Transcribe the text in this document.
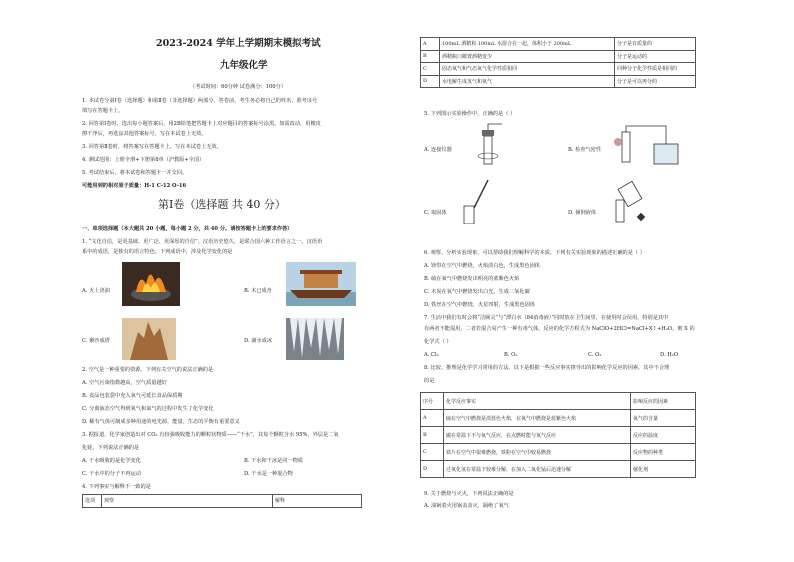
2023-2024 学年上学期期末模拟考试
九年级化学
（考试时间：60分钟 试卷满分：100分）
1. 本试卷分第Ⅰ卷（选择题）和第Ⅱ卷（非选择题）两部分。答卷前，考生务必将自己的姓名、准考证号
填写在答题卡上。
2. 回答第Ⅰ卷时，选出每小题答案后，用2B铅笔把答题卡上对应题目的答案标号涂黑。如需改动，用橡皮
擦干净后，再选涂其他答案标号。写在本试卷上无效。
3. 回答第Ⅱ卷时，将答案写在答题卡上。写在本试卷上无效。
4. 测试范围：上册全册+下册第8单（沪教版+全国）
5. 考试结束后，将本试卷和答题卡一并交回。
可能用到的相对原子质量：H-1 C-12 O-16
第Ⅰ卷（选择题 共 40 分）
一、单项选择题（本大题共 20 小题，每小题 2 分，共 40 分。请按答题卡上的要求作答）
1. “文化自信，是更基础、更广泛、更深厚的自信”。汉语历史悠久，是联合国六种工作语言之一。汉语语
系中的成语，是独有的语言特色。下列成语中，涉及化学变化的是
A. 火上浇油	B. 木已成舟
C. 聚沙成塔	D. 滴水成冰
2. 空气是一种重要的资源。下列有关空气的说法正确的是
A. 空气污染指数越高，空气质量越好
B. 食品包装袋中充入氧气可延长食品保质期
C. 分离液态空气得到氧气和氮气的过程中发生了化学变化
D. 稀有气体可制成多种用途的电光源，能量、生态的平衡有重要意义
3. 据报道，化学家创造出对 CO₂ 有较强吸收能力的颗粒状物质——“干水”，其每个颗粒含水 95%，外层是二氧
化硅。下列说法正确的是
A. 干水吸收的是化学变化	B. 干水和干冰是同一物质
C. 干水中的分子不再运动	D. 干水是一种混合物
4. 下列事实与解释不一致的是
选项	观察	解释
A	100mL 酒精和 100mL 水混合在一起，体积小于 200mL	分子是有质量的
B	酒精瓶口敞置酒精变少	分子是运动的
C	固态氧气和气态氧气化学性质相同	同种分子化学性质是相同的
D	水电解生成氢气和氧气	分子是可以再分的
5. 下列图示实验操作中，正确的是（ ）
A. 连接仪器	B. 检查气密性
C. 取固体	D. 倾倒液体
6. 观察、分析实验现象，可以帮助我们理解科学的本质。下列有关实验现象的描述正确的是（ ）
A. 镁带在空气中燃烧，火焰淡白色，生成黑色固体
B. 硫在氧气中燃烧发出明亮的蓝紫色火焰
C. 木炭在氧气中燃烧发出白光，生成二氧化碳
D. 铁丝在空气中燃烧，火星四射，生成黑色固体
7. 生活中我们有时会将“洁厕灵”与“漂白水（84消毒液）”同时放在卫生间里，在使用时会误用。特别是其中
有两者不能混用，二者若混合易产生一种有毒气体，反应的化学方程式为 NaClO+2HCl=NaCl+X↑+H₂O，则 X 的
化学式（ ）
A. Cl₂	B. O₂	C. O₂	D. H₂O
8. 比较、推理是化学学习常用的方法。以下是根据一些反应事实推导出的影响化学反应的因素，其中不合理
的是
序号	化学反应事实	影响反应的因素
A	硫在空气中燃烧是淡蓝色火焰，在氧气中燃烧是蓝紫色火焰	氧气的含量
B	碳在常温下不与氧气反应，在点燃时能与氧气反应	反应的温度
C	铁片在空气中很难燃烧，铁粉在空气中较易燃烧	反应物的种类
D	过氧化氢在常温下较难分解，在加入二氧化锰后迅速分解	催化剂
9. 关于燃烧与灭火，下列说法正确的是
A. 油锅着火用锅盖盖灭，隔绝了氧气
